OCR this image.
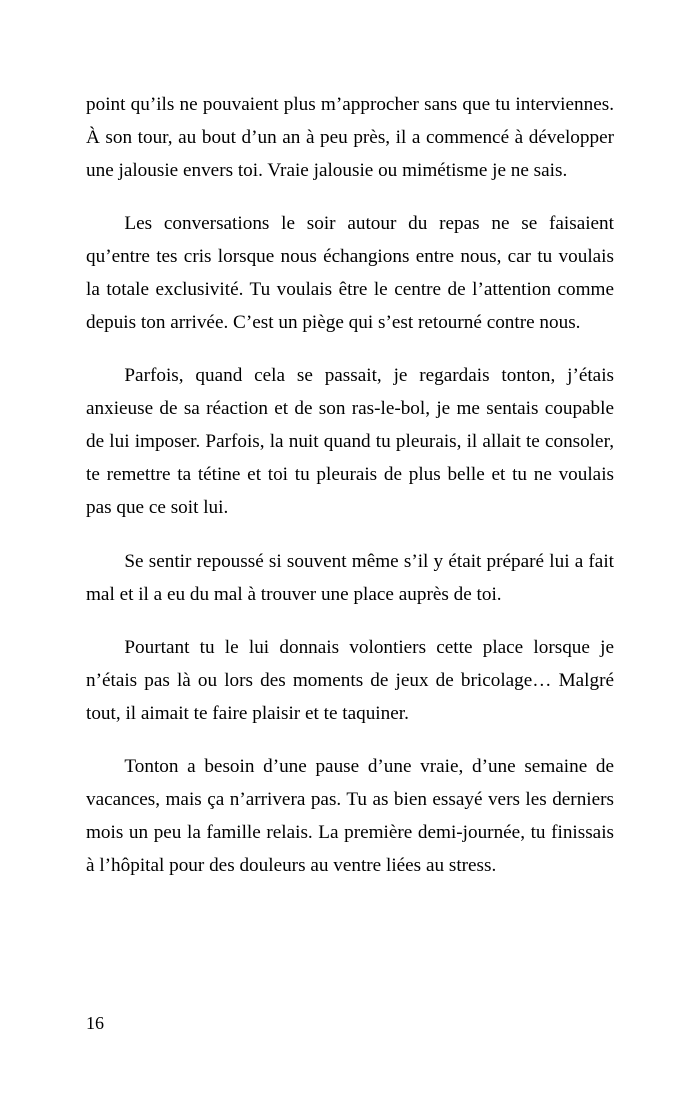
point qu’ils ne pouvaient plus m’approcher sans que tu interviennes. À son tour, au bout d’un an à peu près, il a commencé à développer une jalousie envers toi. Vraie jalousie ou mimétisme je ne sais.

Les conversations le soir autour du repas ne se faisaient qu’entre tes cris lorsque nous échangions entre nous, car tu voulais la totale exclusivité. Tu voulais être le centre de l’attention comme depuis ton arrivée. C’est un piège qui s’est retourné contre nous.

Parfois, quand cela se passait, je regardais tonton, j’étais anxieuse de sa réaction et de son ras-le-bol, je me sentais coupable de lui imposer. Parfois, la nuit quand tu pleurais, il allait te consoler, te remettre ta tétine et toi tu pleurais de plus belle et tu ne voulais pas que ce soit lui.

Se sentir repoussé si souvent même s’il y était préparé lui a fait mal et il a eu du mal à trouver une place auprès de toi.

Pourtant tu le lui donnais volontiers cette place lorsque je n’étais pas là ou lors des moments de jeux de bricolage… Malgré tout, il aimait te faire plaisir et te taquiner.

Tonton a besoin d’une pause d’une vraie, d’une semaine de vacances, mais ça n’arrivera pas. Tu as bien essayé vers les derniers mois un peu la famille relais. La première demi-journée, tu finissais à l’hôpital pour des douleurs au ventre liées au stress.

16
